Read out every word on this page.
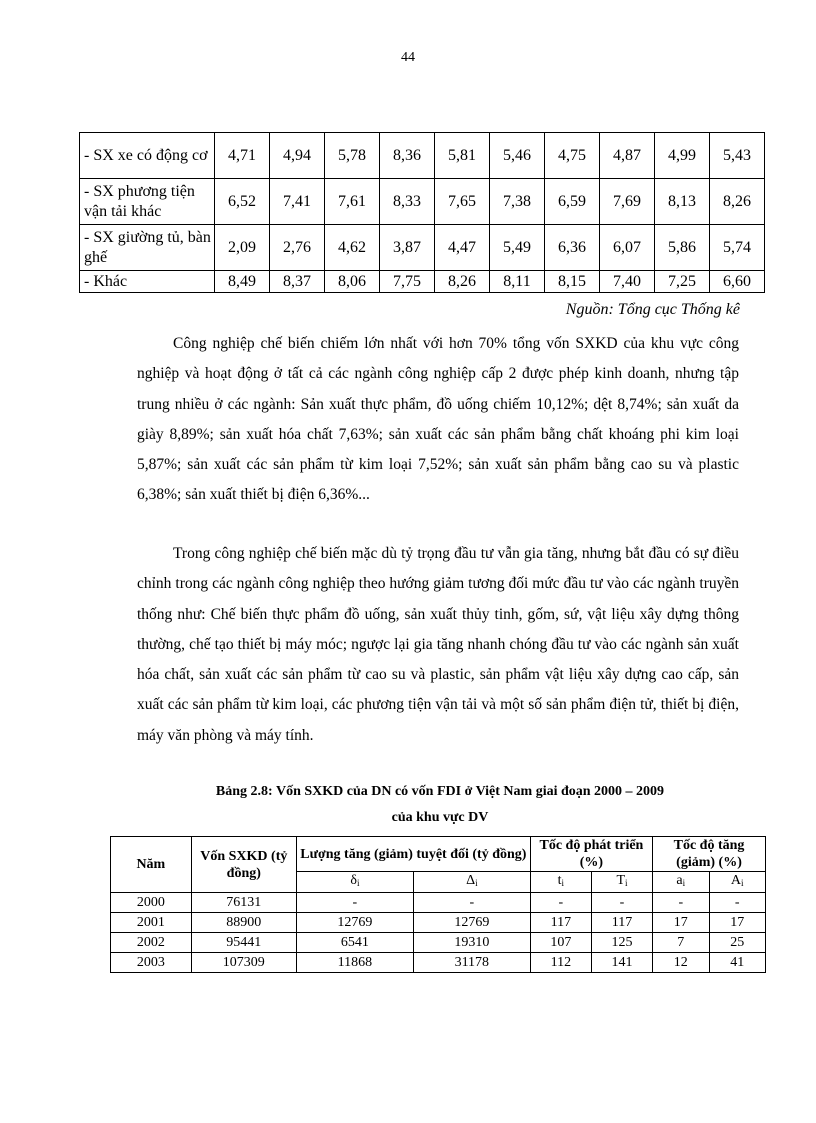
44
- SX xe có động cơ	4,71	4,94	5,78	8,36	5,81	5,46	4,75	4,87	4,99	5,43
- SX phương tiện vận tải khác	6,52	7,41	7,61	8,33	7,65	7,38	6,59	7,69	8,13	8,26
- SX giường tủ, bàn ghế	2,09	2,76	4,62	3,87	4,47	5,49	6,36	6,07	5,86	5,74
- Khác	8,49	8,37	8,06	7,75	8,26	8,11	8,15	7,40	7,25	6,60
Nguồn: Tổng cục Thống kê

Công nghiệp chế biến chiếm lớn nhất với hơn 70% tổng vốn SXKD của khu vực công nghiệp và hoạt động ở tất cả các ngành công nghiệp cấp 2 được phép kinh doanh, nhưng tập trung nhiều ở các ngành: Sản xuất thực phẩm, đồ uống chiếm 10,12%; dệt 8,74%; sản xuất da giày 8,89%; sản xuất hóa chất 7,63%; sản xuất các sản phẩm bằng chất khoáng phi kim loại 5,87%; sản xuất các sản phẩm từ kim loại 7,52%; sản xuất sản phẩm bằng cao su và plastic 6,38%; sản xuất thiết bị điện 6,36%...

Trong công nghiệp chế biến mặc dù tỷ trọng đầu tư vẫn gia tăng, nhưng bắt đầu có sự điều chỉnh trong các ngành công nghiệp theo hướng giảm tương đối mức đầu tư vào các ngành truyền thống như: Chế biến thực phẩm đồ uống, sản xuất thủy tinh, gốm, sứ, vật liệu xây dựng thông thường, chế tạo thiết bị máy móc; ngược lại gia tăng nhanh chóng đầu tư vào các ngành sản xuất hóa chất, sản xuất các sản phẩm từ cao su và plastic, sản phẩm vật liệu xây dựng cao cấp, sản xuất các sản phẩm từ kim loại, các phương tiện vận tải và một số sản phẩm điện tử, thiết bị điện, máy văn phòng và máy tính.

Bảng 2.8: Vốn SXKD của DN có vốn FDI ở Việt Nam giai đoạn 2000 – 2009
của khu vực DV
Năm	Vốn SXKD (tỷ đồng)	Lượng tăng (giảm) tuyệt đối (tỷ đồng)		Tốc độ phát triển (%)		Tốc độ tăng (giảm) (%)	
		$\delta_i$	$\Delta_i$	$t_i$	$T_i$	$a_i$	$A_i$
2000	76131	-	-	-	-	-	-
2001	88900	12769	12769	117	117	17	17
2002	95441	6541	19310	107	125	7	25
2003	107309	11868	31178	112	141	12	41
